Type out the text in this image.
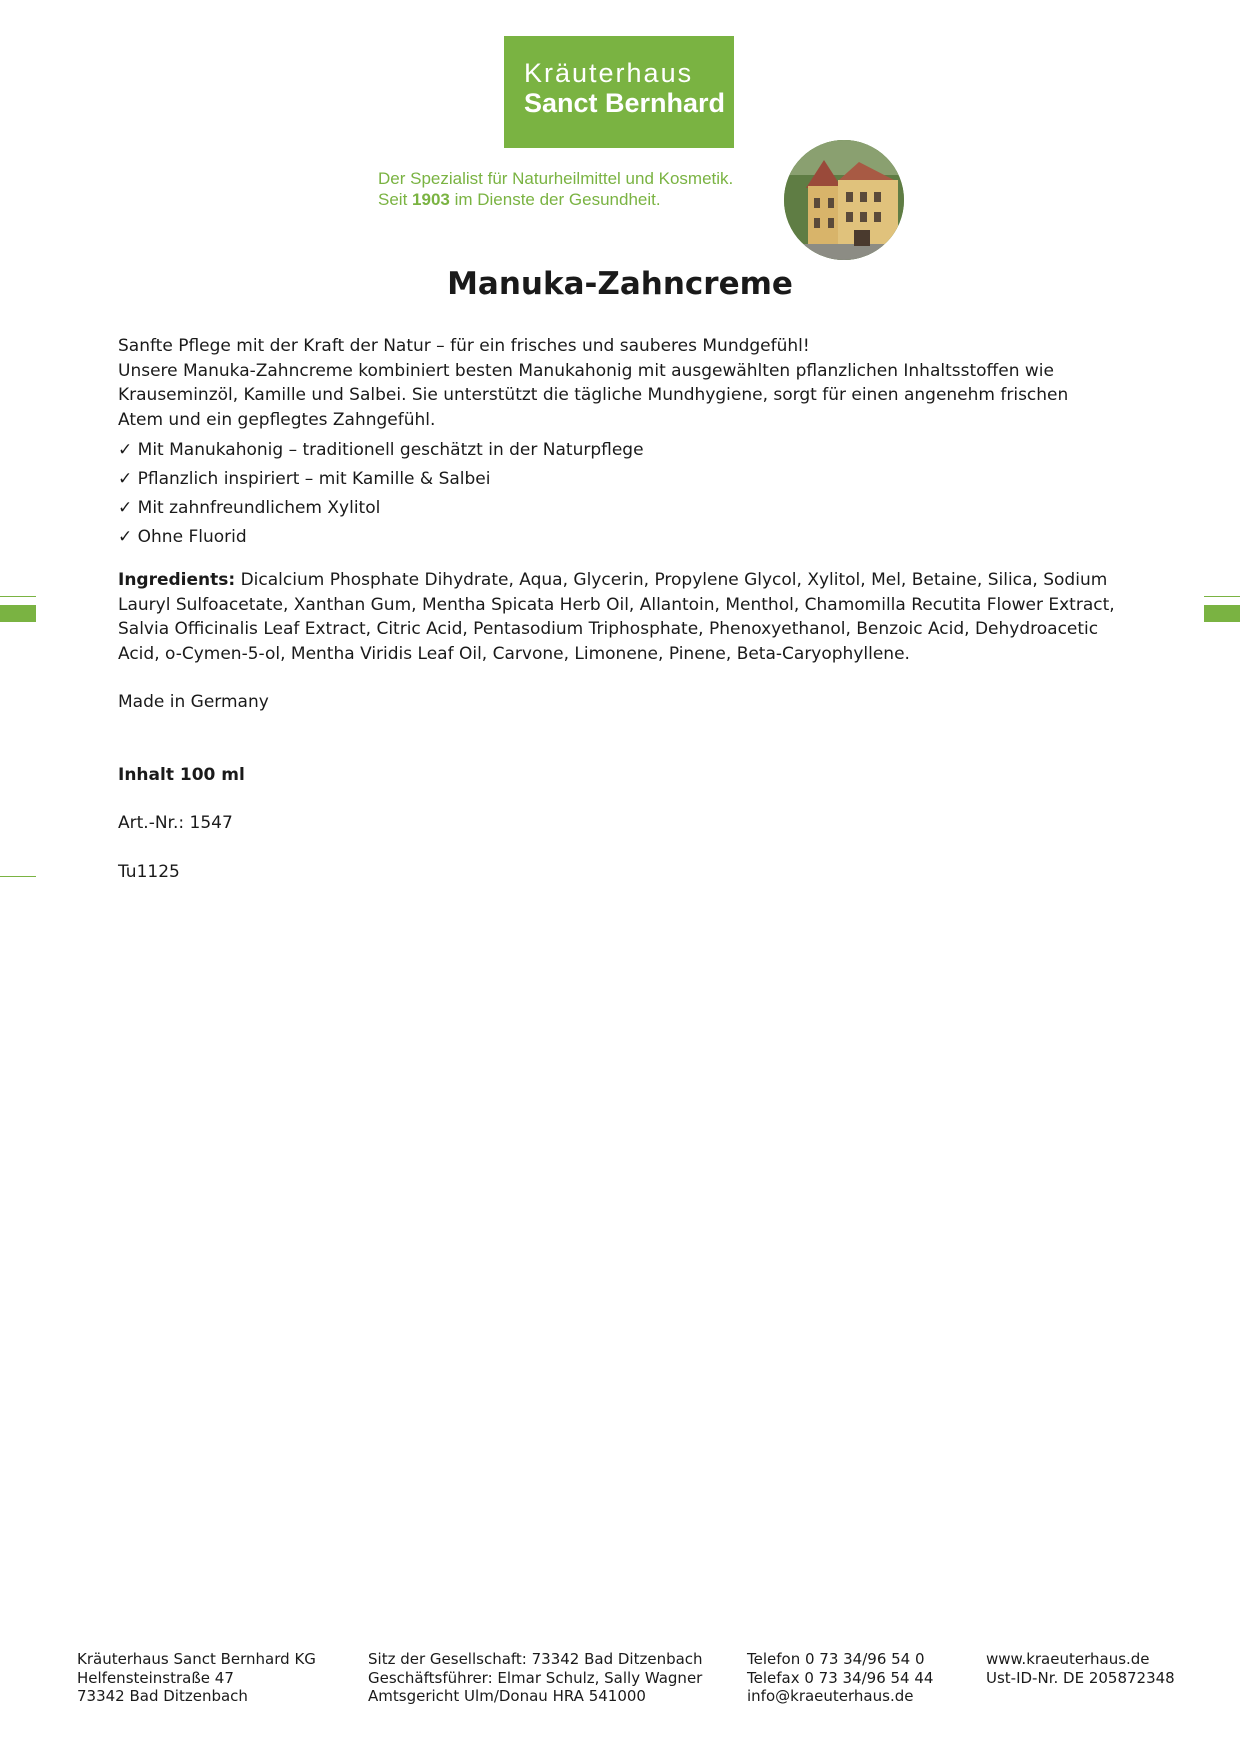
Kräuterhaus
Sanct Bernhard
Der Spezialist für Naturheilmittel und Kosmetik.
Seit 1903 im Dienste der Gesundheit.
Manuka-Zahncreme

Sanfte Pflege mit der Kraft der Natur – für ein frisches und sauberes Mundgefühl!

Unsere Manuka-Zahncreme kombiniert besten Manukahonig mit ausgewählten pflanzlichen Inhaltsstoffen wie Krauseminzöl, Kamille und Salbei. Sie unterstützt die tägliche Mundhygiene, sorgt für einen angenehm frischen Atem und ein gepflegtes Zahngefühl.

✓ Mit Manukahonig – traditionell geschätzt in der Naturpflege
✓ Pflanzlich inspiriert – mit Kamille & Salbei
✓ Mit zahnfreundlichem Xylitol
✓ Ohne Fluorid

Ingredients: Dicalcium Phosphate Dihydrate, Aqua, Glycerin, Propylene Glycol, Xylitol, Mel, Betaine, Silica, Sodium Lauryl Sulfoacetate, Xanthan Gum, Mentha Spicata Herb Oil, Allantoin, Menthol, Chamomilla Recutita Flower Extract, Salvia Officinalis Leaf Extract, Citric Acid, Pentasodium Triphosphate, Phenoxyethanol, Benzoic Acid, Dehydroacetic Acid, o-Cymen-5-ol, Mentha Viridis Leaf Oil, Carvone, Limonene, Pinene, Beta-Caryophyllene.

Made in Germany

Inhalt 100 ml

Art.-Nr.: 1547

Tu1125

Kräuterhaus Sanct Bernhard KG
Helfensteinstraße 47
73342 Bad Ditzenbach
Sitz der Gesellschaft: 73342 Bad Ditzenbach
Geschäftsführer: Elmar Schulz, Sally Wagner
Amtsgericht Ulm/Donau HRA 541000
Telefon 0 73 34/96 54 0
Telefax 0 73 34/96 54 44
info@kraeuterhaus.de
www.kraeuterhaus.de
Ust-ID-Nr. DE 205872348
